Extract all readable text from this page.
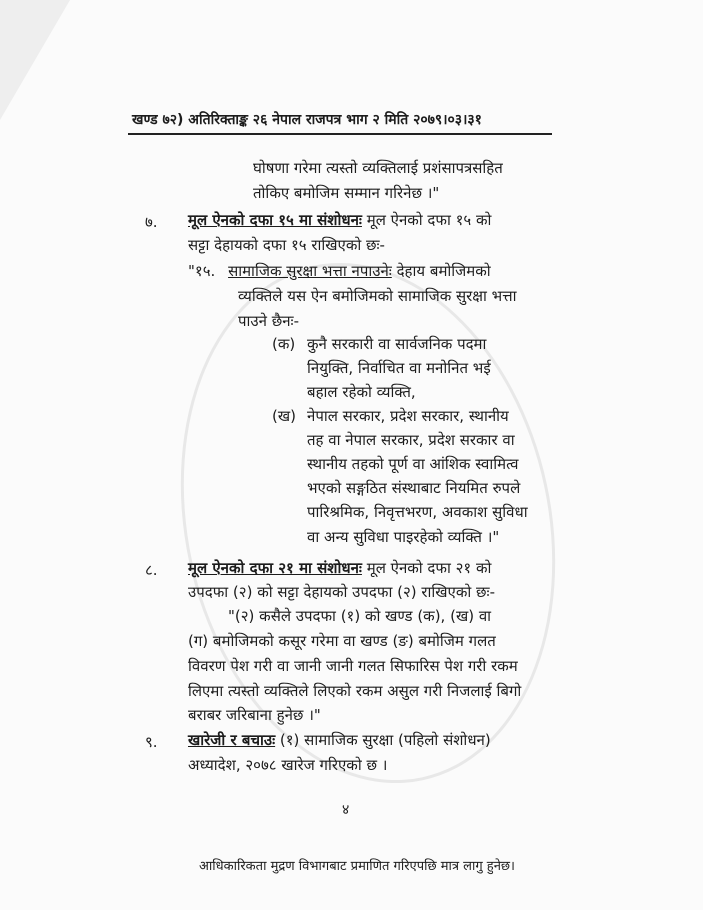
खण्ड ७२) अतिरिक्ताङ्क २६ नेपाल राजपत्र भाग २ मिति २०७९।०३।३१
घोषणा गरेमा त्यस्तो व्यक्तिलाई प्रशंसापत्रसहित
तोकिए बमोजिम सम्मान गरिनेछ ।"
७. मूल ऐनको दफा १५ मा संशोधनः मूल ऐनको दफा १५ को
सट्टा देहायको दफा १५ राखिएको छः-
"१५. सामाजिक सुरक्षा भत्ता नपाउनेः देहाय बमोजिमको
व्यक्तिले यस ऐन बमोजिमको सामाजिक सुरक्षा भत्ता
पाउने छैनः-
(क) कुनै सरकारी वा सार्वजनिक पदमा
नियुक्ति, निर्वाचित वा मनोनित भई
बहाल रहेको व्यक्ति,
(ख) नेपाल सरकार, प्रदेश सरकार, स्थानीय
तह वा नेपाल सरकार, प्रदेश सरकार वा
स्थानीय तहको पूर्ण वा आंशिक स्वामित्व
भएको सङ्गठित संस्थाबाट नियमित रुपले
पारिश्रमिक, निवृत्तभरण, अवकाश सुविधा
वा अन्य सुविधा पाइरहेको व्यक्ति ।"
८. मूल ऐनको दफा २१ मा संशोधनः मूल ऐनको दफा २१ को
उपदफा (२) को सट्टा देहायको उपदफा (२) राखिएको छः-
"(२) कसैले उपदफा (१) को खण्ड (क), (ख) वा
(ग) बमोजिमको कसूर गरेमा वा खण्ड (ङ) बमोजिम गलत
विवरण पेश गरी वा जानी जानी गलत सिफारिस पेश गरी रकम
लिएमा त्यस्तो व्यक्तिले लिएको रकम असुल गरी निजलाई बिगो
बराबर जरिबाना हुनेछ ।"
९. खारेजी र बचाउः (१) सामाजिक सुरक्षा (पहिलो संशोधन)
अध्यादेश, २०७८ खारेज गरिएको छ ।
४
आधिकारिकता मुद्रण विभागबाट प्रमाणित गरिएपछि मात्र लागु हुनेछ।
